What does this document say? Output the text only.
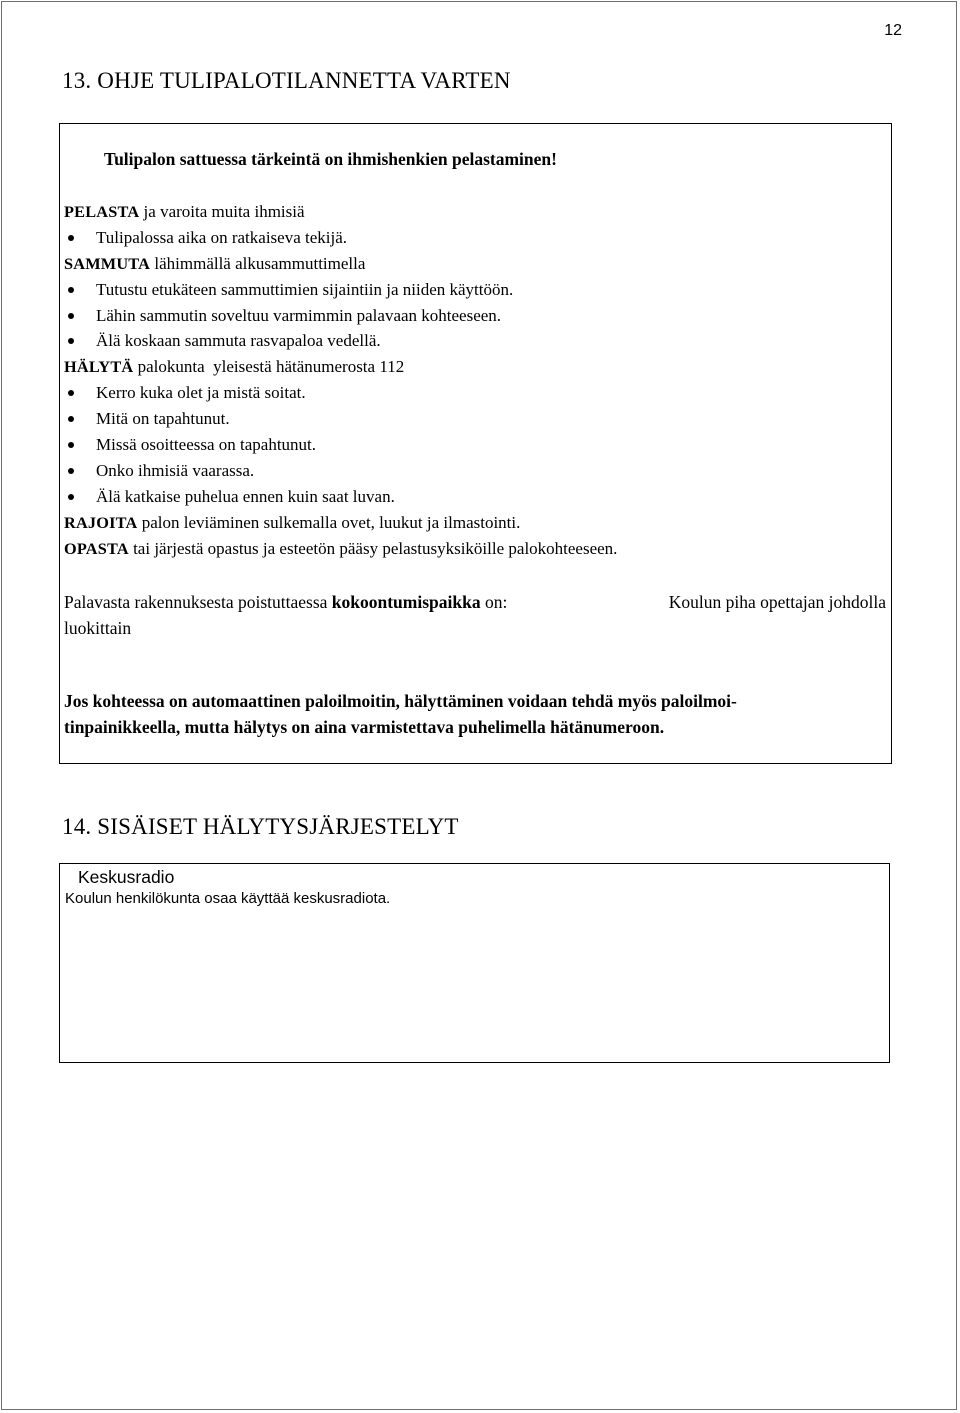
12
13. OHJE TULIPALOTILANNETTA VARTEN
Tulipalon sattuessa tärkeintä on ihmishenkien pelastaminen!
PELASTA ja varoita muita ihmisiä
Tulipalossa aika on ratkaiseva tekijä.
SAMMUTA lähimmällä alkusammuttimella
Tutustu etukäteen sammuttimien sijaintiin ja niiden käyttöön.
Lähin sammutin soveltuu varmimmin palavaan kohteeseen.
Älä koskaan sammuta rasvapaloa vedellä.
HÄLYTÄ palokunta  yleisestä hätänumerosta 112
Kerro kuka olet ja mistä soitat.
Mitä on tapahtunut.
Missä osoitteessa on tapahtunut.
Onko ihmisiä vaarassa.
Älä katkaise puhelua ennen kuin saat luvan.
RAJOITA palon leviäminen sulkemalla ovet, luukut ja ilmastointi.
OPASTA tai järjestä opastus ja esteetön pääsy pelastusyksiköille palokohteeseen.
Koulun piha opettajan johdolla
Palavasta rakennuksesta poistuttaessa kokoontumispaikka on:
luokittain
Jos kohteessa on automaattinen paloilmoitin, hälyttäminen voidaan tehdä myös paloilmoi-
tinpainikkeella, mutta hälytys on aina varmistettava puhelimella hätänumeroon.
14. SISÄISET HÄLYTYSJÄRJESTELYT
Keskusradio
Koulun henkilökunta osaa käyttää keskusradiota.
